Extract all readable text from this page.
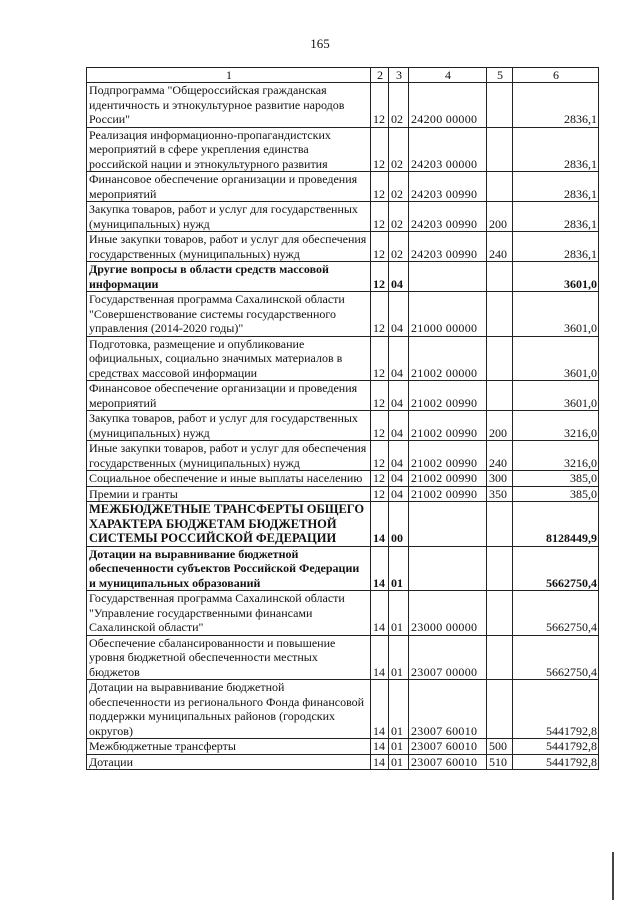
165
1	2	3	4	5	6
Подпрограмма "Общероссийская гражданская идентичность и этнокультурное развитие народов России"	12	02	24200 00000		2836,1
Реализация информационно-пропагандистских мероприятий в сфере укрепления единства российской нации и этнокультурного развития	12	02	24203 00000		2836,1
Финансовое обеспечение организации и проведения мероприятий	12	02	24203 00990		2836,1
Закупка товаров, работ и услуг для государственных (муниципальных) нужд	12	02	24203 00990	200	2836,1
Иные закупки товаров, работ и услуг для обеспечения государственных (муниципальных) нужд	12	02	24203 00990	240	2836,1
Другие вопросы в области средств массовой информации	12	04			3601,0
Государственная программа Сахалинской области "Совершенствование системы государственного управления (2014-2020 годы)"	12	04	21000 00000		3601,0
Подготовка, размещение и опубликование официальных, социально значимых материалов в средствах массовой информации	12	04	21002 00000		3601,0
Финансовое обеспечение организации и проведения мероприятий	12	04	21002 00990		3601,0
Закупка товаров, работ и услуг для государственных (муниципальных) нужд	12	04	21002 00990	200	3216,0
Иные закупки товаров, работ и услуг для обеспечения государственных (муниципальных) нужд	12	04	21002 00990	240	3216,0
Социальное обеспечение и иные выплаты населению	12	04	21002 00990	300	385,0
Премии и гранты	12	04	21002 00990	350	385,0
МЕЖБЮДЖЕТНЫЕ ТРАНСФЕРТЫ ОБЩЕГО ХАРАКТЕРА БЮДЖЕТАМ БЮДЖЕТНОЙ СИСТЕМЫ РОССИЙСКОЙ ФЕДЕРАЦИИ	14	00			8128449,9
Дотации на выравнивание бюджетной обеспеченности субъектов Российской Федерации и муниципальных образований	14	01			5662750,4
Государственная программа Сахалинской области "Управление государственными финансами Сахалинской области"	14	01	23000 00000		5662750,4
Обеспечение сбалансированности и повышение уровня бюджетной обеспеченности местных бюджетов	14	01	23007 00000		5662750,4
Дотации на выравнивание бюджетной обеспеченности из регионального Фонда финансовой поддержки муниципальных районов (городских округов)	14	01	23007 60010		5441792,8
Межбюджетные трансферты	14	01	23007 60010	500	5441792,8
Дотации	14	01	23007 60010	510	5441792,8
